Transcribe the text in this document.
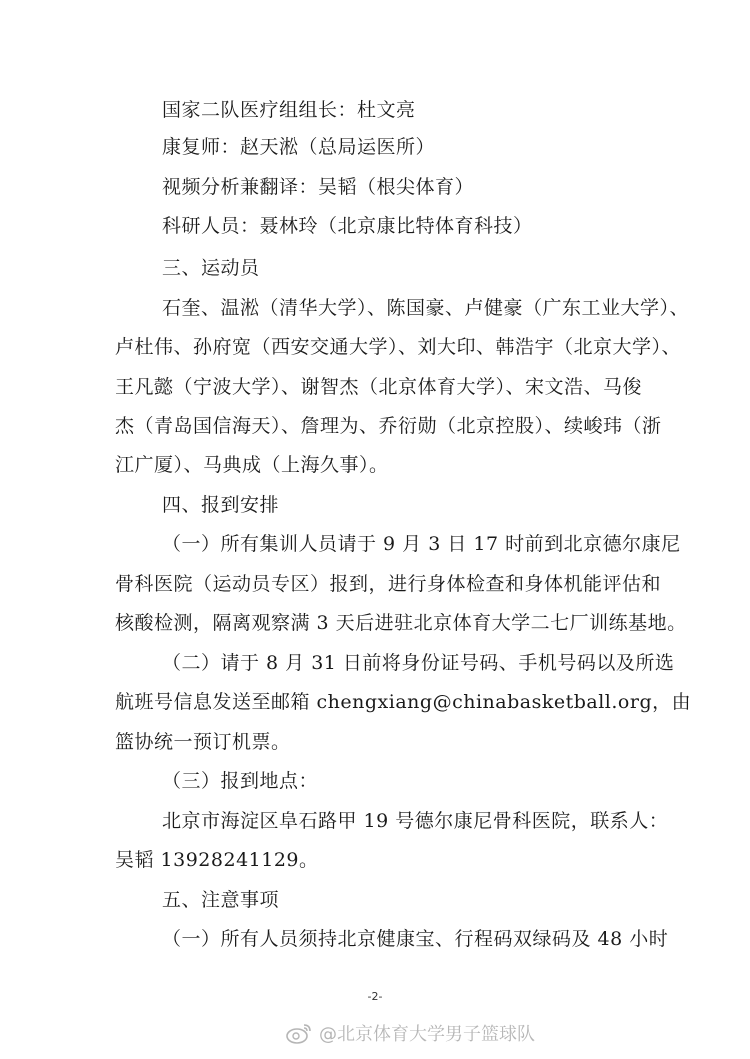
国家二队医疗组组长：杜文亮
康复师：赵天淞（总局运医所）
视频分析兼翻译：吴韬（根尖体育）
科研人员：聂林玲（北京康比特体育科技）
三、运动员
石奎、温淞（清华大学）、陈国豪、卢健豪（广东工业大学）、
卢杜伟、孙府宽（西安交通大学）、刘大印、韩浩宇（北京大学）、
王凡懿（宁波大学）、谢智杰（北京体育大学）、宋文浩、马俊
杰（青岛国信海天）、詹理为、乔衍勋（北京控股）、续峻玮（浙
江广厦）、马典成（上海久事）。
四、报到安排
（一）所有集训人员请于 9 月 3 日 17 时前到北京德尔康尼
骨科医院（运动员专区）报到，进行身体检查和身体机能评估和
核酸检测，隔离观察满 3 天后进驻北京体育大学二七厂训练基地。
（二）请于 8 月 31 日前将身份证号码、手机号码以及所选
航班号信息发送至邮箱 chengxiang@chinabasketball.org，由
篮协统一预订机票。
（三）报到地点：
北京市海淀区阜石路甲 19 号德尔康尼骨科医院，联系人：
吴韬 13928241129。
五、注意事项
（一）所有人员须持北京健康宝、行程码双绿码及 48 小时
-2-
@北京体育大学男子篮球队
